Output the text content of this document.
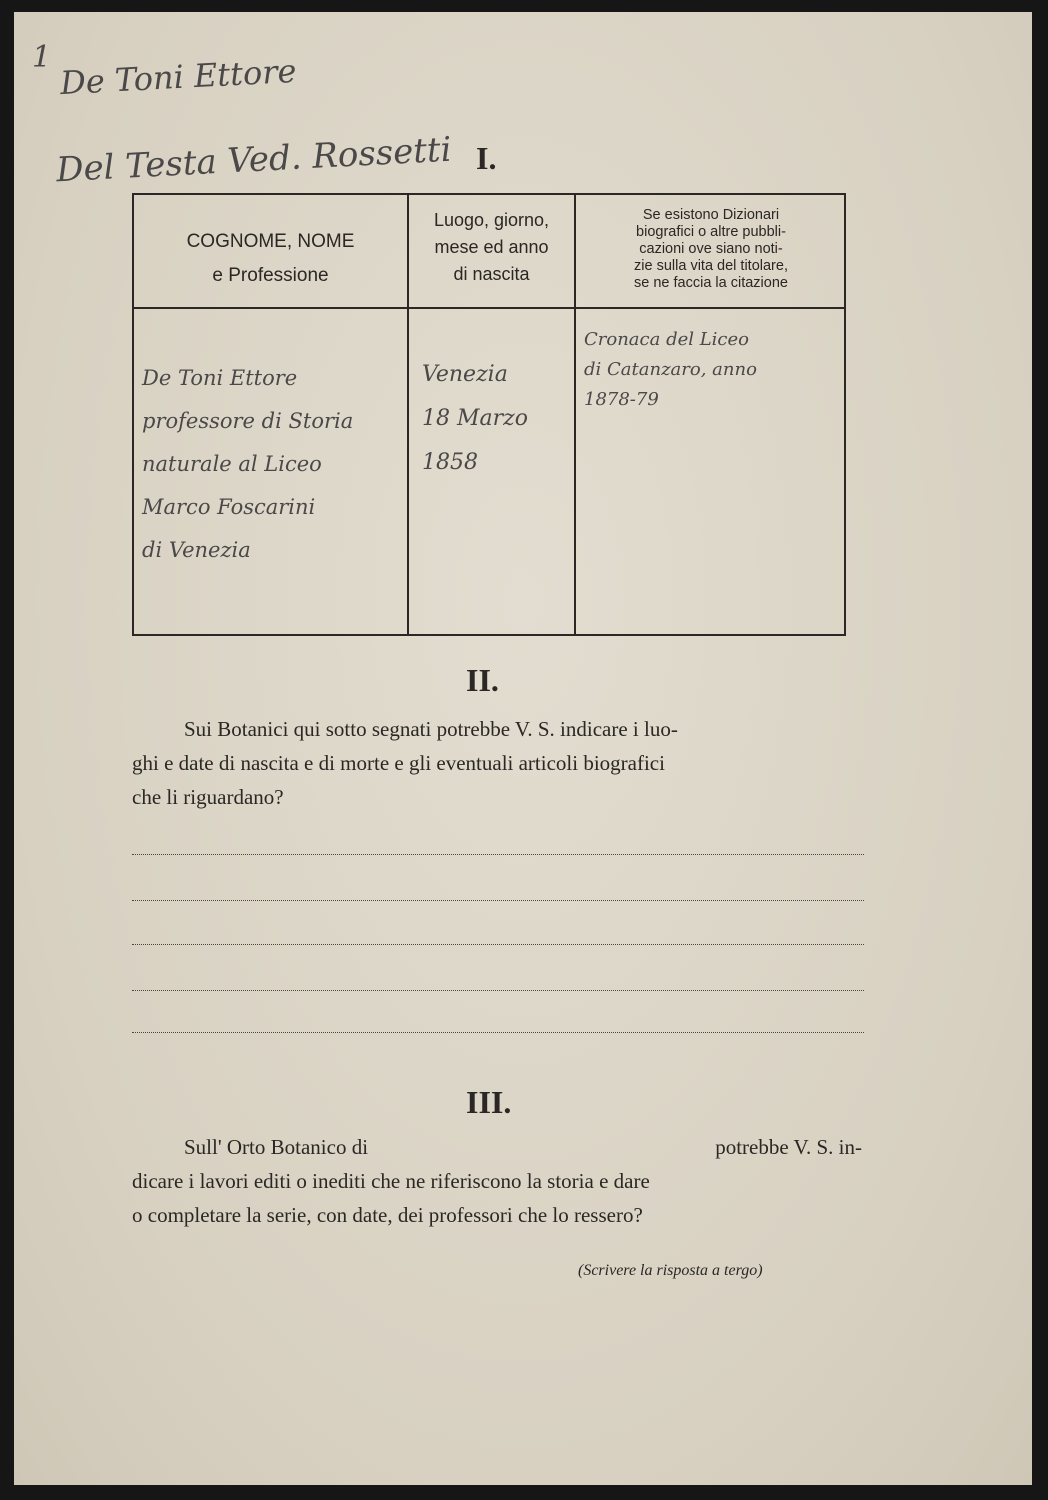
1 De Toni Ettore
Del Testa Ved. Rossetti I.
COGNOME, NOME
e Professione
Luogo, giorno,
mese ed anno
di nascita
Se esistono Dizionari
biografici o altre pubbli-
cazioni ove siano noti-
zie sulla vita del titolare,
se ne faccia la citazione
De Toni Ettore
professore di Storia
naturale al Liceo
Marco Foscarini
di Venezia
Venezia
18 Marzo
1858
Cronaca del Liceo
di Catanzaro, anno
1878-79
II.
Sui Botanici qui sotto segnati potrebbe V. S. indicare i luo-
ghi e date di nascita e di morte e gli eventuali articoli biografici
che li riguardano?
III.
Sull' Orto Botanico di	potrebbe V. S. in-
dicare i lavori editi o inediti che ne riferiscono la storia e dare
o completare la serie, con date, dei professori che lo ressero?
(Scrivere la risposta a tergo)
